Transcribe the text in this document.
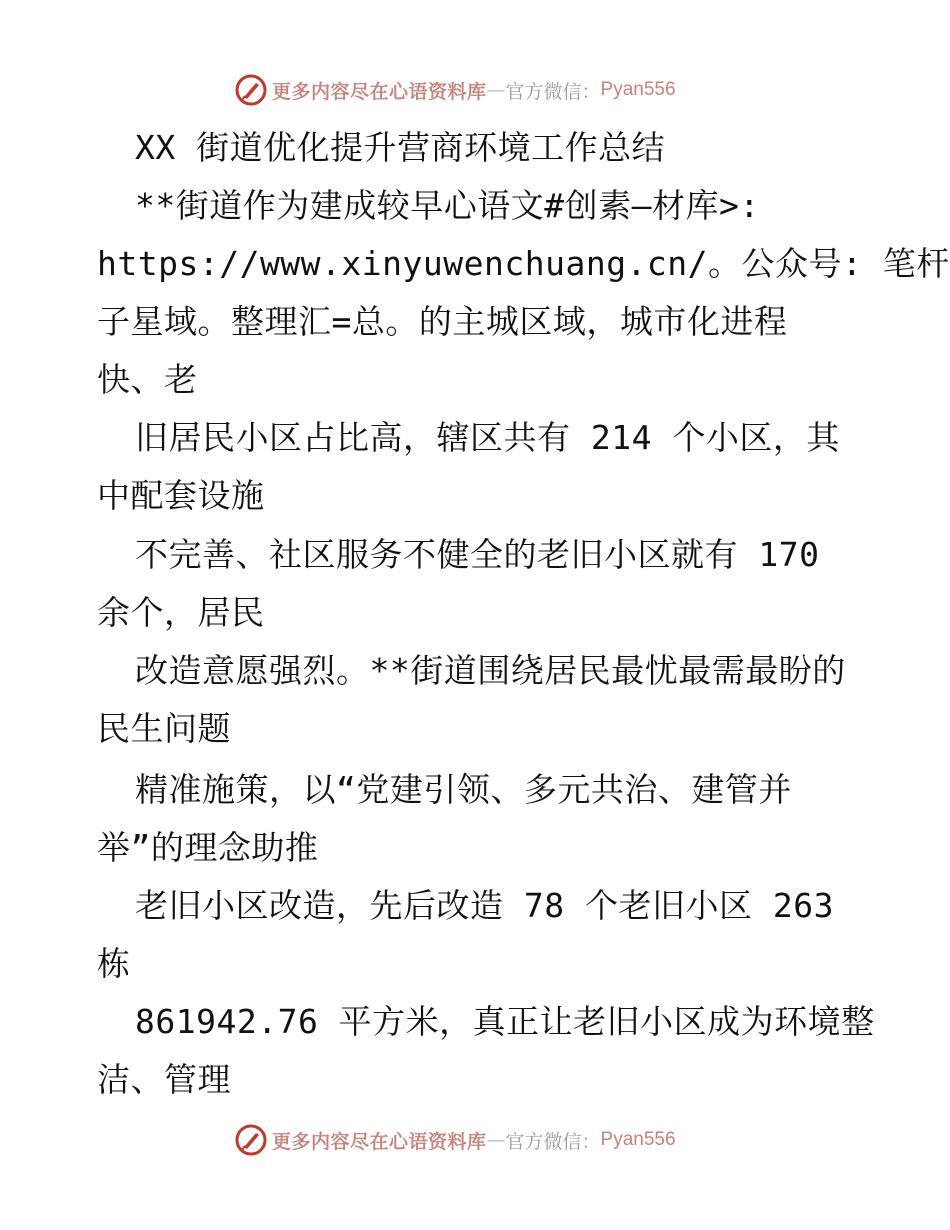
更多内容尽在心语资料库 — 官方微信： Pyan556
XX 街道优化提升营商环境工作总结
**街道作为建成较早心语文#创素—材库>:
https://www.xinyuwenchuang.cn/。公众号: 笔杆
子星域。整理汇=总。的主城区域，城市化进程
快、老
旧居民小区占比高，辖区共有 214 个小区，其
中配套设施
不完善、社区服务不健全的老旧小区就有 170
余个，居民
改造意愿强烈。**街道围绕居民最忧最需最盼的
民生问题
精准施策，以“党建引领、多元共治、建管并
举”的理念助推
老旧小区改造，先后改造 78 个老旧小区 263
栋
861942.76 平方米，真正让老旧小区成为环境整
洁、管理
更多内容尽在心语资料库 — 官方微信： Pyan556
